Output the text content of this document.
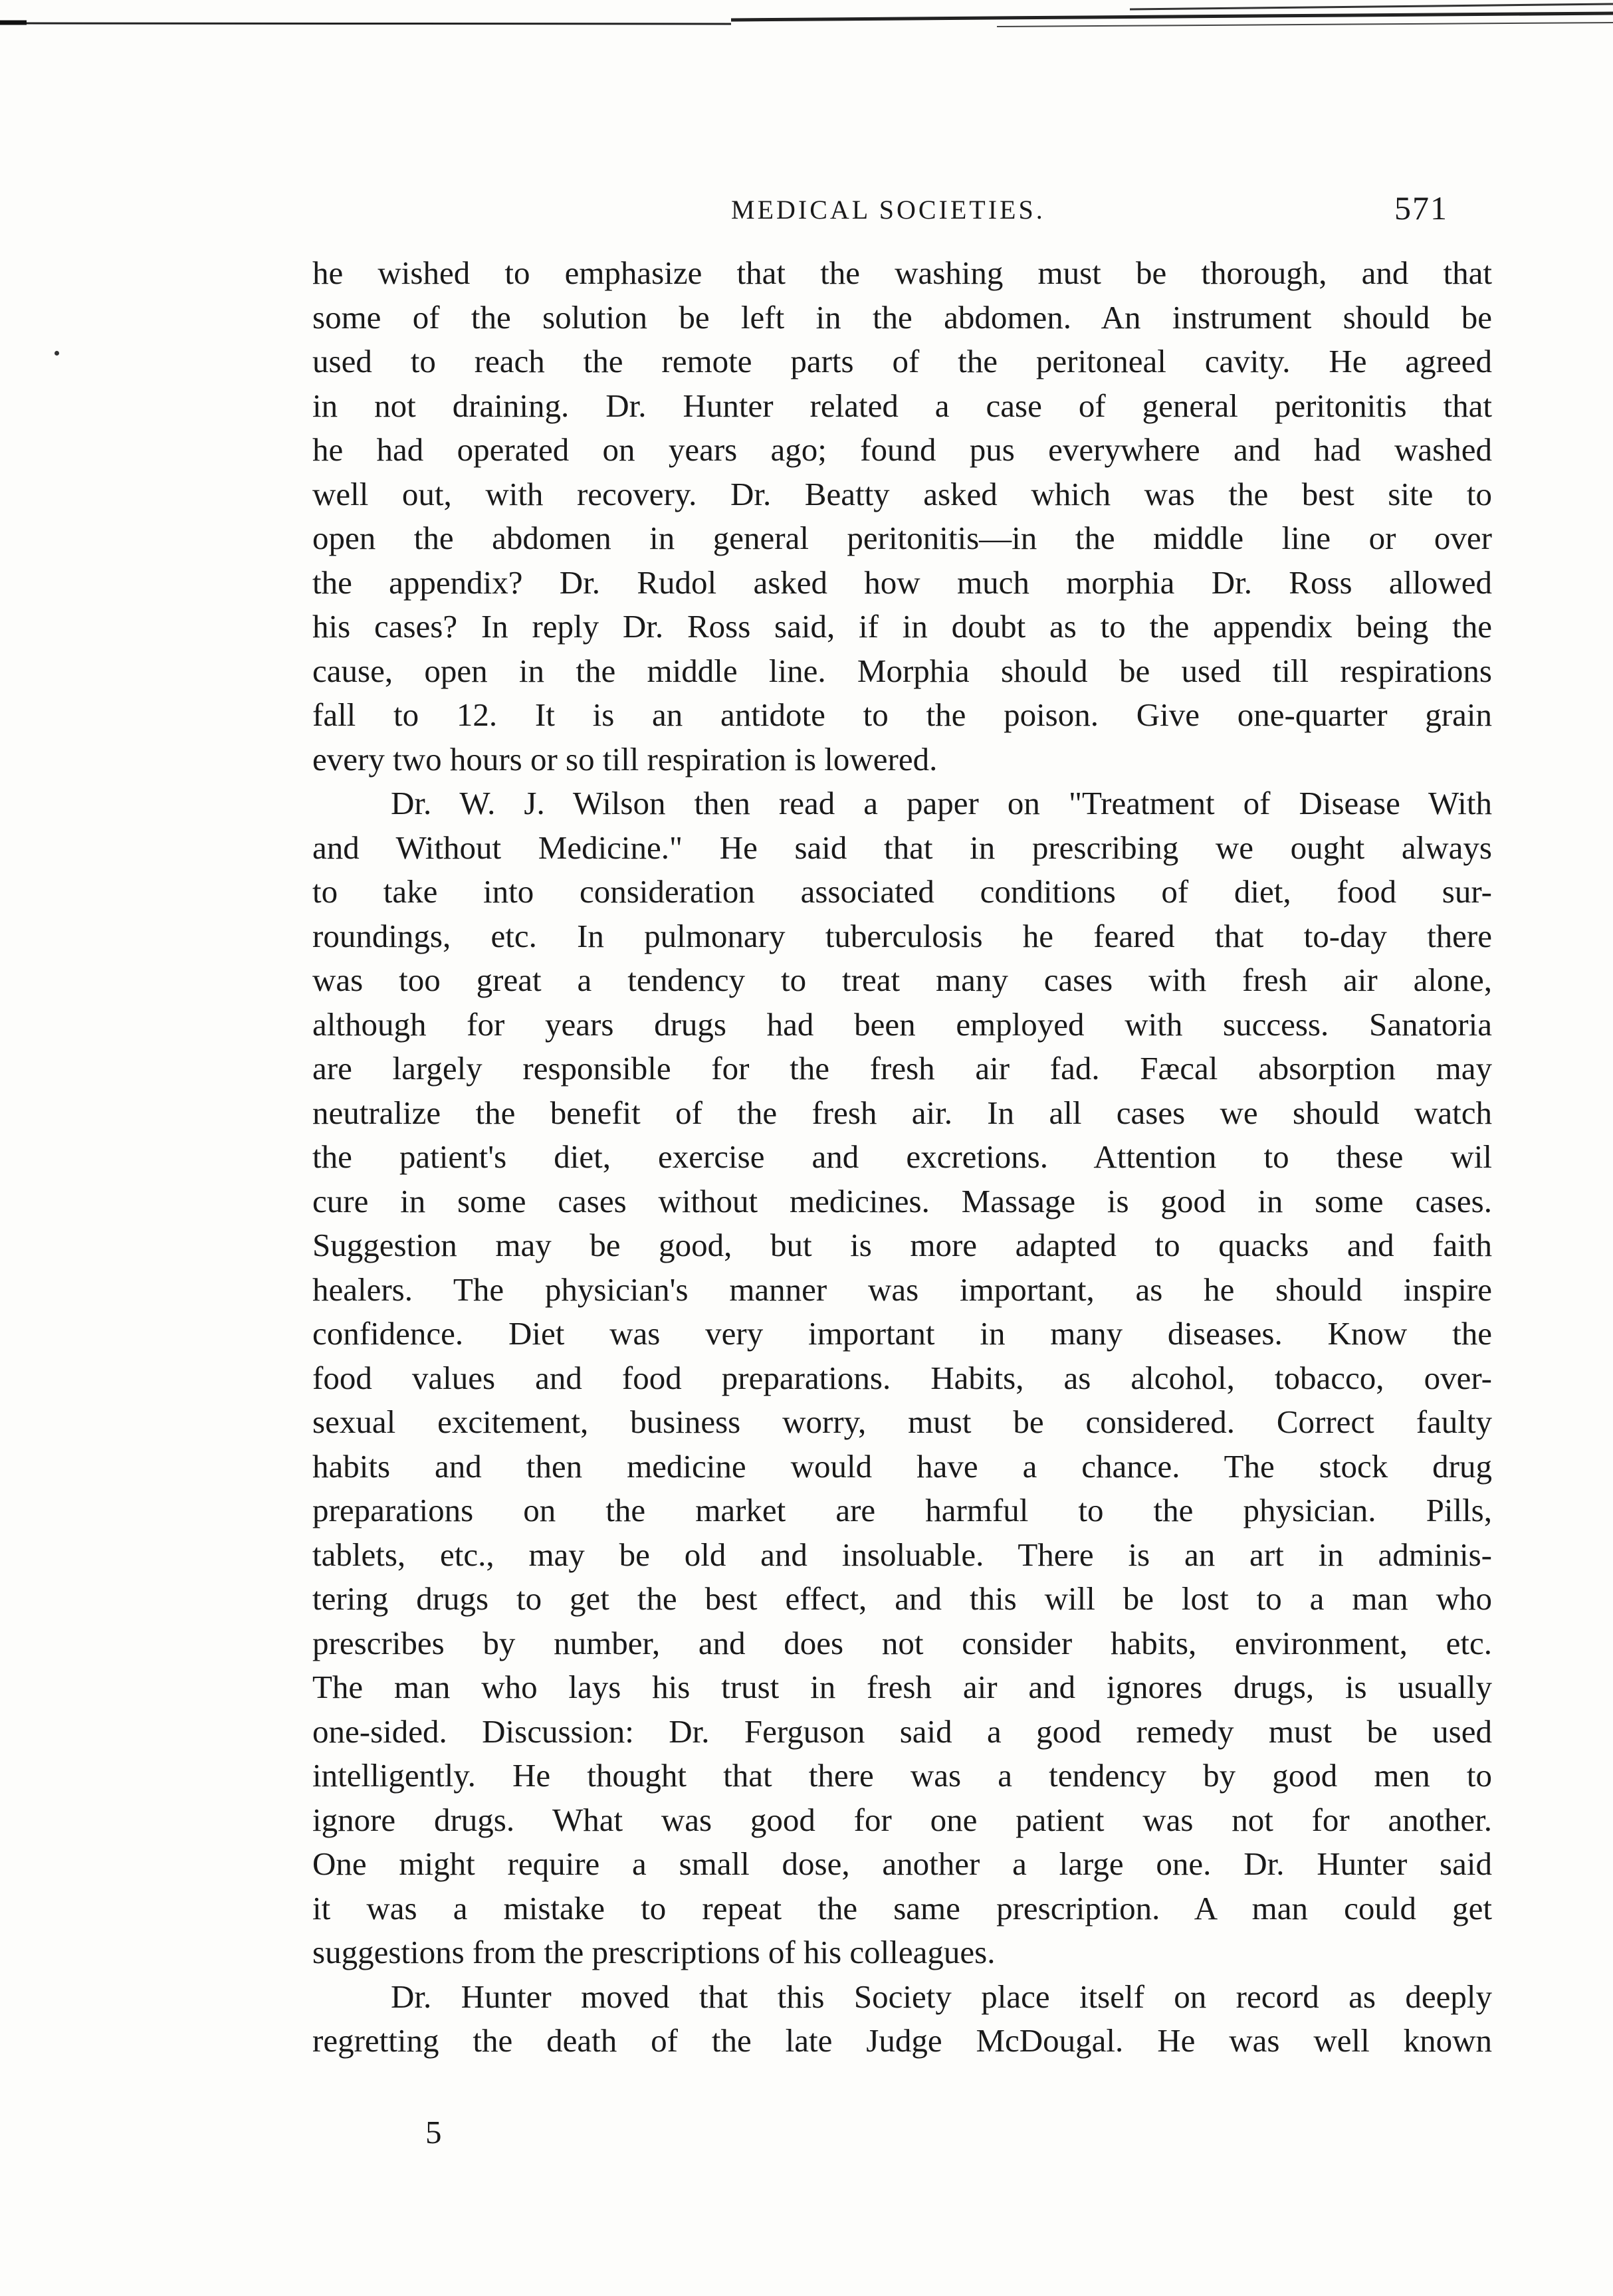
MEDICAL SOCIETIES.	571
he wished to emphasize that the washing must be thorough, and that
some of the solution be left in the abdomen. An instrument should be
used to reach the remote parts of the peritoneal cavity. He agreed
in not draining. Dr. Hunter related a case of general peritonitis that
he had operated on years ago; found pus everywhere and had washed
well out, with recovery. Dr. Beatty asked which was the best site to
open the abdomen in general peritonitis—in the middle line or over
the appendix? Dr. Rudol asked how much morphia Dr. Ross allowed
his cases? In reply Dr. Ross said, if in doubt as to the appendix being the
cause, open in the middle line. Morphia should be used till respirations
fall to 12. It is an antidote to the poison. Give one-quarter grain
every two hours or so till respiration is lowered.
Dr. W. J. Wilson then read a paper on "Treatment of Disease With
and Without Medicine." He said that in prescribing we ought always
to take into consideration associated conditions of diet, food sur-
roundings, etc. In pulmonary tuberculosis he feared that to-day there
was too great a tendency to treat many cases with fresh air alone,
although for years drugs had been employed with success. Sanatoria
are largely responsible for the fresh air fad. Fæcal absorption may
neutralize the benefit of the fresh air. In all cases we should watch
the patient's diet, exercise and excretions. Attention to these wil
cure in some cases without medicines. Massage is good in some cases.
Suggestion may be good, but is more adapted to quacks and faith
healers. The physician's manner was important, as he should inspire
confidence. Diet was very important in many diseases. Know the
food values and food preparations. Habits, as alcohol, tobacco, over-
sexual excitement, business worry, must be considered. Correct faulty
habits and then medicine would have a chance. The stock drug
preparations on the market are harmful to the physician. Pills,
tablets, etc., may be old and insoluable. There is an art in adminis-
tering drugs to get the best effect, and this will be lost to a man who
prescribes by number, and does not consider habits, environment, etc.
The man who lays his trust in fresh air and ignores drugs, is usually
one-sided. Discussion: Dr. Ferguson said a good remedy must be used
intelligently. He thought that there was a tendency by good men to
ignore drugs. What was good for one patient was not for another.
One might require a small dose, another a large one. Dr. Hunter said
it was a mistake to repeat the same prescription. A man could get
suggestions from the prescriptions of his colleagues.
Dr. Hunter moved that this Society place itself on record as deeply
regretting the death of the late Judge McDougal. He was well known
5
